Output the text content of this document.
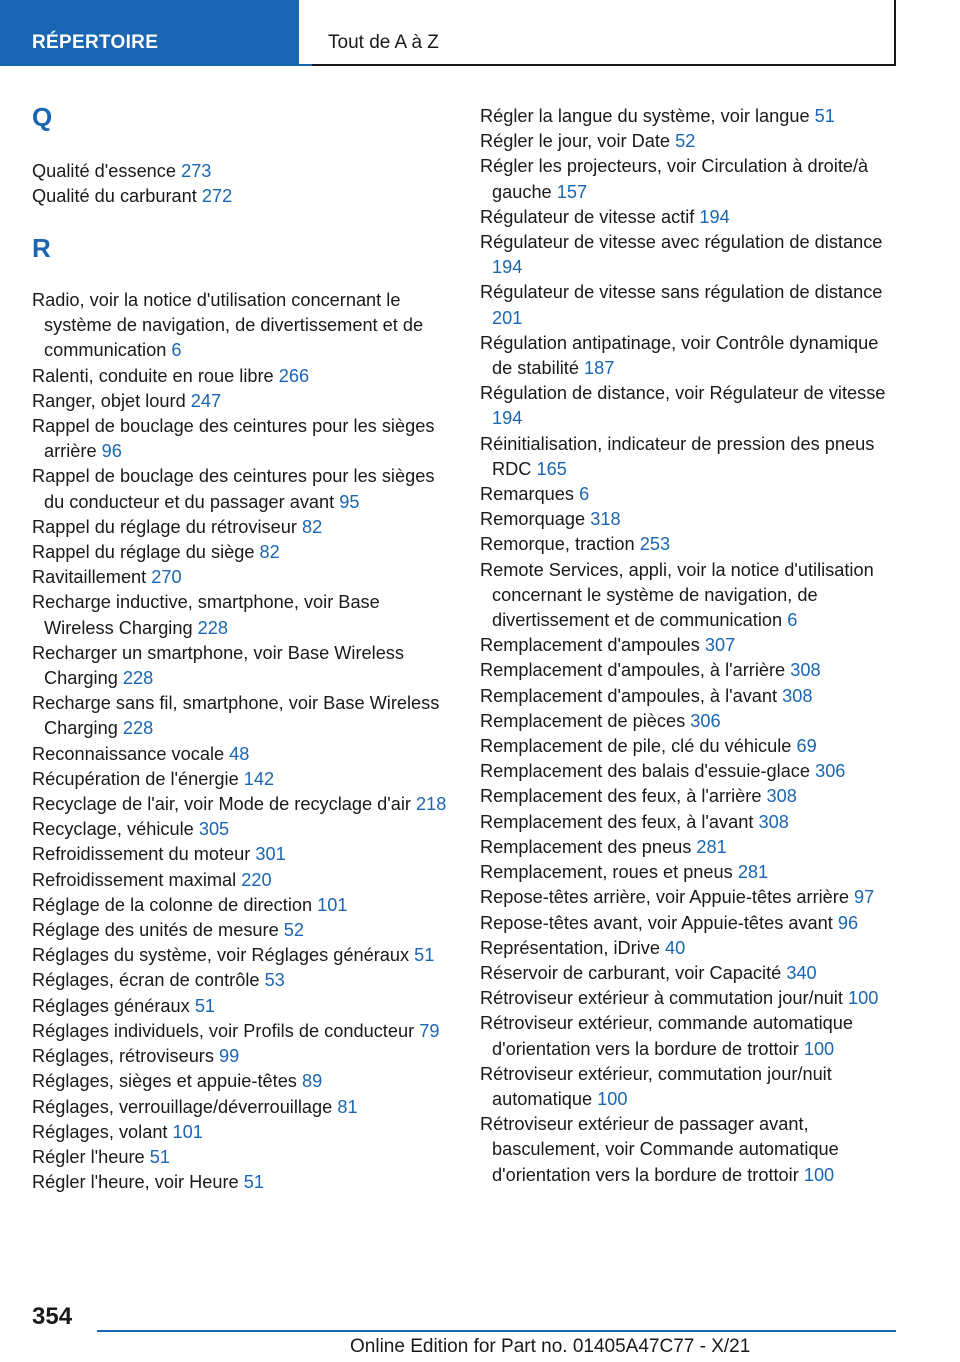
RÉPERTOIRE	Tout de A à Z
Q
Qualité d'essence 273
Qualité du carburant 272
R
Radio, voir la notice d'utilisation concernant le système de navigation, de divertissement et de communication 6
Ralenti, conduite en roue libre 266
Ranger, objet lourd 247
Rappel de bouclage des ceintures pour les sièges arrière 96
Rappel de bouclage des ceintures pour les sièges du conducteur et du passager avant 95
Rappel du réglage du rétroviseur 82
Rappel du réglage du siège 82
Ravitaillement 270
Recharge inductive, smartphone, voir Base Wireless Charging 228
Recharger un smartphone, voir Base Wireless Charging 228
Recharge sans fil, smartphone, voir Base Wireless Charging 228
Reconnaissance vocale 48
Récupération de l'énergie 142
Recyclage de l'air, voir Mode de recyclage d'air 218
Recyclage, véhicule 305
Refroidissement du moteur 301
Refroidissement maximal 220
Réglage de la colonne de direction 101
Réglage des unités de mesure 52
Réglages du système, voir Réglages généraux 51
Réglages, écran de contrôle 53
Réglages généraux 51
Réglages individuels, voir Profils de conducteur 79
Réglages, rétroviseurs 99
Réglages, sièges et appuie-têtes 89
Réglages, verrouillage/déverrouillage 81
Réglages, volant 101
Régler l'heure 51
Régler l'heure, voir Heure 51
Régler la langue du système, voir langue 51
Régler le jour, voir Date 52
Régler les projecteurs, voir Circulation à droite/à gauche 157
Régulateur de vitesse actif 194
Régulateur de vitesse avec régulation de distance 194
Régulateur de vitesse sans régulation de distance 201
Régulation antipatinage, voir Contrôle dynamique de stabilité 187
Régulation de distance, voir Régulateur de vitesse 194
Réinitialisation, indicateur de pression des pneus RDC 165
Remarques 6
Remorquage 318
Remorque, traction 253
Remote Services, appli, voir la notice d'utilisation concernant le système de navigation, de divertissement et de communication 6
Remplacement d'ampoules 307
Remplacement d'ampoules, à l'arrière 308
Remplacement d'ampoules, à l'avant 308
Remplacement de pièces 306
Remplacement de pile, clé du véhicule 69
Remplacement des balais d'essuie-glace 306
Remplacement des feux, à l'arrière 308
Remplacement des feux, à l'avant 308
Remplacement des pneus 281
Remplacement, roues et pneus 281
Repose-têtes arrière, voir Appuie-têtes arrière 97
Repose-têtes avant, voir Appuie-têtes avant 96
Représentation, iDrive 40
Réservoir de carburant, voir Capacité 340
Rétroviseur extérieur à commutation jour/nuit 100
Rétroviseur extérieur, commande automatique d'orientation vers la bordure de trottoir 100
Rétroviseur extérieur, commutation jour/nuit automatique 100
Rétroviseur extérieur de passager avant, basculement, voir Commande automatique d'orientation vers la bordure de trottoir 100
354
Online Edition for Part no. 01405A47C77 - X/21
